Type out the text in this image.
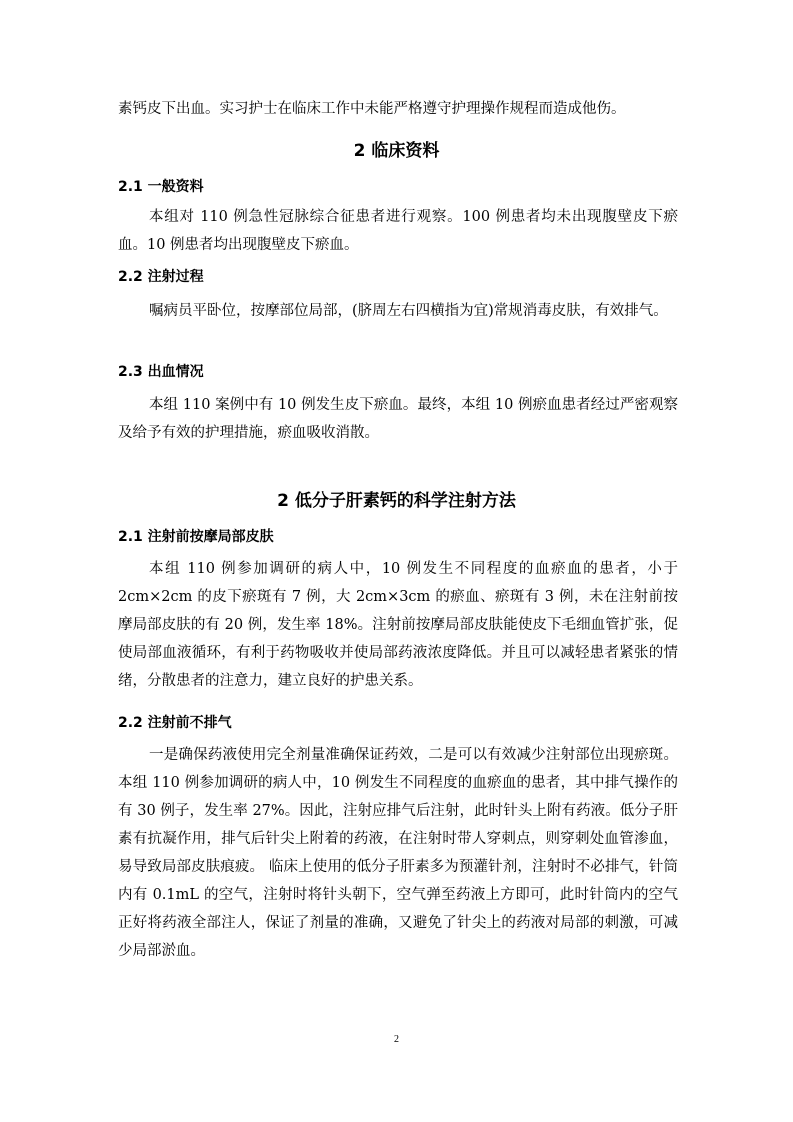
素钙皮下出血。实习护士在临床工作中未能严格遵守护理操作规程而造成他伤。

2 临床资料
2.1 一般资料

本组对 110 例急性冠脉综合征患者进行观察。100 例患者均未出现腹壁皮下瘀血。10 例患者均出现腹壁皮下瘀血。

2.2 注射过程

嘱病员平卧位，按摩部位局部，(脐周左右四横指为宜)常规消毒皮肤，有效排气。

2.3 出血情况

本组 110 案例中有 10 例发生皮下瘀血。最终，本组 10 例瘀血患者经过严密观察及给予有效的护理措施，瘀血吸收消散。

2 低分子肝素钙的科学注射方法
2.1 注射前按摩局部皮肤

本组 110 例参加调研的病人中，10 例发生不同程度的血瘀血的患者，小于 2cm×2cm 的皮下瘀斑有 7 例，大 2cm×3cm 的瘀血、瘀斑有 3 例，未在注射前按摩局部皮肤的有 20 例，发生率 18%。注射前按摩局部皮肤能使皮下毛细血管扩张，促使局部血液循环，有利于药物吸收并使局部药液浓度降低。并且可以减轻患者紧张的情绪，分散患者的注意力，建立良好的护患关系。

2.2 注射前不排气

一是确保药液使用完全剂量准确保证药效，二是可以有效减少注射部位出现瘀斑。本组 110 例参加调研的病人中，10 例发生不同程度的血瘀血的患者，其中排气操作的有 30 例子，发生率 27%。因此，注射应排气后注射，此时针头上附有药液。低分子肝素有抗凝作用，排气后针尖上附着的药液，在注射时带人穿刺点，则穿刺处血管渗血，易导致局部皮肤痕疲。 临床上使用的低分子肝素多为预灌针剂，注射时不必排气，针筒内有 0.1mL 的空气，注射时将针头朝下，空气弹至药液上方即可，此时针筒内的空气正好将药液全部注人，保证了剂量的准确，又避免了针尖上的药液对局部的刺激，可减少局部淤血。

2
